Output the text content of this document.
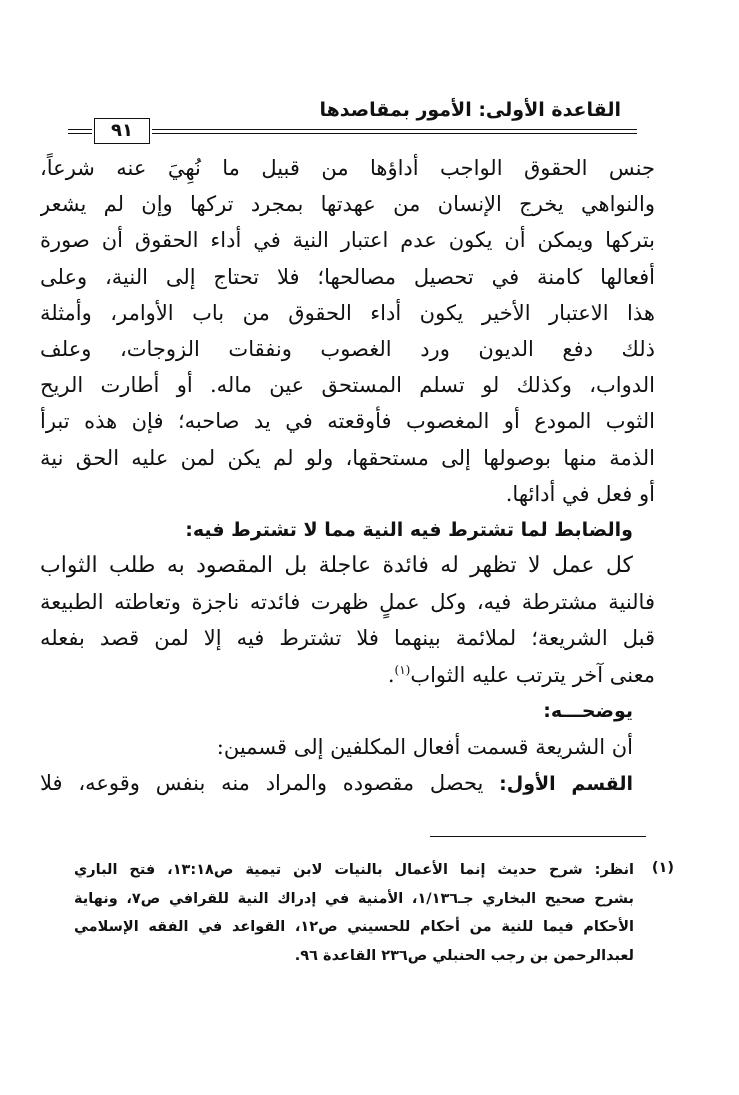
القاعدة الأولى: الأمور بمقاصدها
٩١
جنس الحقوق الواجب أداؤها من قبيل ما نُهِيَ عنه شرعاً،
والنواهي يخرج الإنسان من عهدتها بمجرد تركها وإن لم يشعر
بتركها ويمكن أن يكون عدم اعتبار النية في أداء الحقوق أن صورة
أفعالها كامنة في تحصيل مصالحها؛ فلا تحتاج إلى النية، وعلى
هذا الاعتبار الأخير يكون أداء الحقوق من باب الأوامر، وأمثلة
ذلك دفع الديون ورد الغصوب ونفقات الزوجات، وعلف
الدواب، وكذلك لو تسلم المستحق عين ماله. أو أطارت الريح
الثوب المودع أو المغصوب فأوقعته في يد صاحبه؛ فإن هذه تبرأ
الذمة منها بوصولها إلى مستحقها، ولو لم يكن لمن عليه الحق نية
أو فعل في أدائها.
والضابط لما تشترط فيه النية مما لا تشترط فيه:
كل عمل لا تظهر له فائدة عاجلة بل المقصود به طلب الثواب
فالنية مشترطة فيه، وكل عملٍ ظهرت فائدته ناجزة وتعاطته الطبيعة
قبل الشريعة؛ لملائمة بينهما فلا تشترط فيه إلا لمن قصد بفعله
معنى آخر يترتب عليه الثواب$^{(١)}$.
يوضحـــه:
أن الشريعة قسمت أفعال المكلفين إلى قسمين:
القسم الأول: يحصل مقصوده والمراد منه بنفس وقوعه، فلا
(١)
انظر: شرح حديث إنما الأعمال بالنيات لابن تيمية ص١٣:١٨، فتح الباري
بشرح صحيح البخاري جـ١/١٣٦، الأمنية في إدراك النية للقرافي ص٧، ونهاية
الأحكام فيما للنية من أحكام للحسيني ص١٢، القواعد في الفقه الإسلامي
لعبدالرحمن بن رجب الحنبلي ص٢٣٦ القاعدة ٩٦.
